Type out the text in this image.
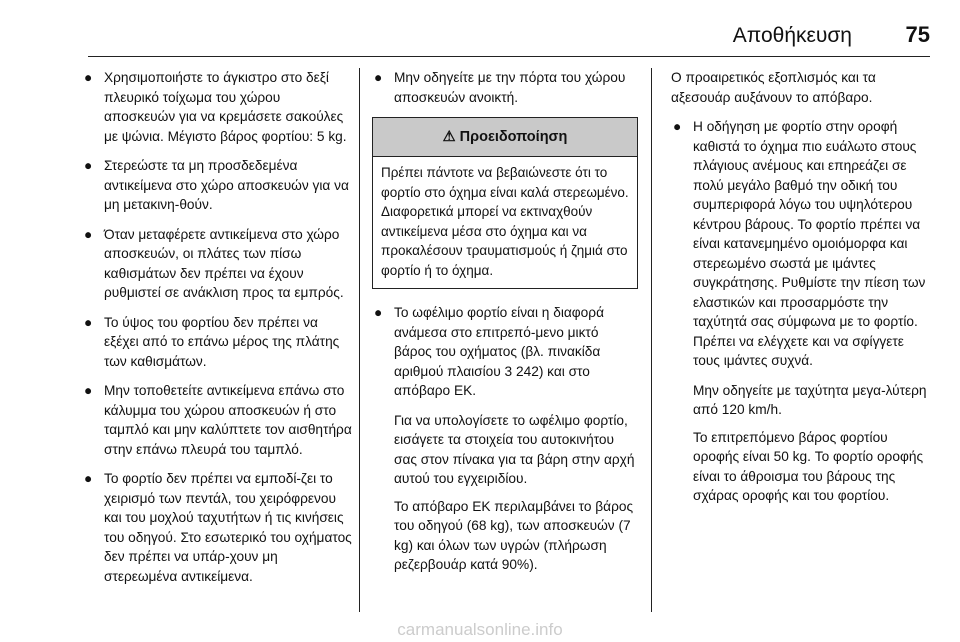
Αποθήκευση 75
● Χρησιμοποιήστε το άγκιστρο στο δεξί πλευρικό τοίχωμα του χώρου αποσκευών για να κρεμάσετε σακούλες με ψώνια. Μέγιστο βάρος φορτίου: 5 kg.
● Στερεώστε τα μη προσδεδεμένα αντικείμενα στο χώρο αποσκευών για να μη μετακινη‐θούν.
● Όταν μεταφέρετε αντικείμενα στο χώρο αποσκευών, οι πλάτες των πίσω καθισμάτων δεν πρέπει να έχουν ρυθμιστεί σε ανάκλιση προς τα εμπρός.
● Το ύψος του φορτίου δεν πρέπει να εξέχει από το επάνω μέρος της πλάτης των καθισμάτων.
● Μην τοποθετείτε αντικείμενα επάνω στο κάλυμμα του χώρου αποσκευών ή στο ταμπλό και μην καλύπτετε τον αισθητήρα στην επάνω πλευρά του ταμπλό.
● Το φορτίο δεν πρέπει να εμποδί‐ζει το χειρισμό των πεντάλ, του χειρόφρενου και του μοχλού ταχυτήτων ή τις κινήσεις του οδηγού. Στο εσωτερικό του οχήματος δεν πρέπει να υπάρ‐χουν μη στερεωμένα αντικείμενα.
● Μην οδηγείτε με την πόρτα του χώρου αποσκευών ανοικτή.
⚠ Προειδοποίηση
Πρέπει πάντοτε να βεβαιώνεστε ότι το φορτίο στο όχημα είναι καλά στερεωμένο. Διαφορετικά μπορεί να εκτιναχθούν αντικείμενα μέσα στο όχημα και να προκαλέσουν τραυματισμούς ή ζημιά στο φορτίο ή το όχημα.
● Το ωφέλιμο φορτίο είναι η διαφορά ανάμεσα στο επιτρεπό‐μενο μικτό βάρος του οχήματος (βλ. πινακίδα αριθμού πλαισίου 3 242) και στο απόβαρο ΕΚ.
Για να υπολογίσετε το ωφέλιμο φορτίο, εισάγετε τα στοιχεία του αυτοκινήτου σας στον πίνακα για τα βάρη στην αρχή αυτού του εγχειριδίου.
Το απόβαρο ΕΚ περιλαμβάνει το βάρος του οδηγού (68 kg), των αποσκευών (7 kg) και όλων των υγρών (πλήρωση ρεζερβουάρ κατά 90%).
Ο προαιρετικός εξοπλισμός και τα αξεσουάρ αυξάνουν το απόβαρο.
● Η οδήγηση με φορτίο στην οροφή καθιστά το όχημα πιο ευάλωτο στους πλάγιους ανέμους και επηρεάζει σε πολύ μεγάλο βαθμό την οδική του συμπεριφορά λόγω του υψηλότερου κέντρου βάρους. Το φορτίο πρέπει να είναι κατανεμημένο ομοιόμορφα και στερεωμένο σωστά με ιμάντες συγκράτησης. Ρυθμίστε την πίεση των ελαστικών και προσαρμόστε την ταχύτητά σας σύμφωνα με το φορτίο. Πρέπει να ελέγχετε και να σφίγγετε τους ιμάντες συχνά.
Μην οδηγείτε με ταχύτητα μεγα‐λύτερη από 120 km/h.
Το επιτρεπόμενο βάρος φορτίου οροφής είναι 50 kg. Το φορτίο οροφής είναι το άθροισμα του βάρους της σχάρας οροφής και του φορτίου.
carmanualsonline.info
